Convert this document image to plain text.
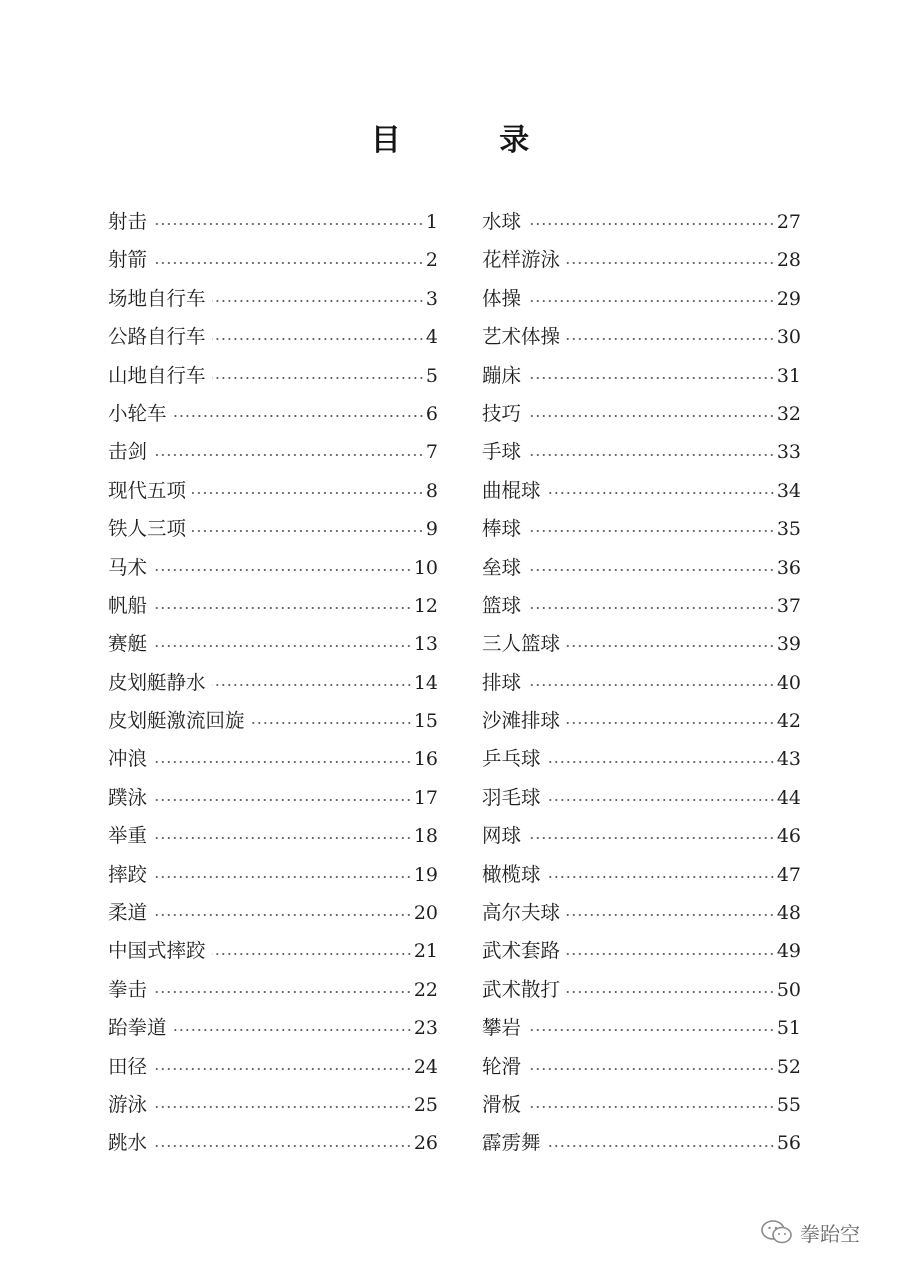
目 录
射击	1
射箭	2
场地自行车	3
公路自行车	4
山地自行车	5
小轮车	6
击剑	7
现代五项	8
铁人三项	9
马术	10
帆船	12
赛艇	13
皮划艇静水	14
皮划艇激流回旋	15
冲浪	16
蹼泳	17
举重	18
摔跤	19
柔道	20
中国式摔跤	21
拳击	22
跆拳道	23
田径	24
游泳	25
跳水	26
水球	27
花样游泳	28
体操	29
艺术体操	30
蹦床	31
技巧	32
手球	33
曲棍球	34
棒球	35
垒球	36
篮球	37
三人篮球	39
排球	40
沙滩排球	42
乒乓球	43
羽毛球	44
网球	46
橄榄球	47
高尔夫球	48
武术套路	49
武术散打	50
攀岩	51
轮滑	52
滑板	55
霹雳舞	56
拳跆空
